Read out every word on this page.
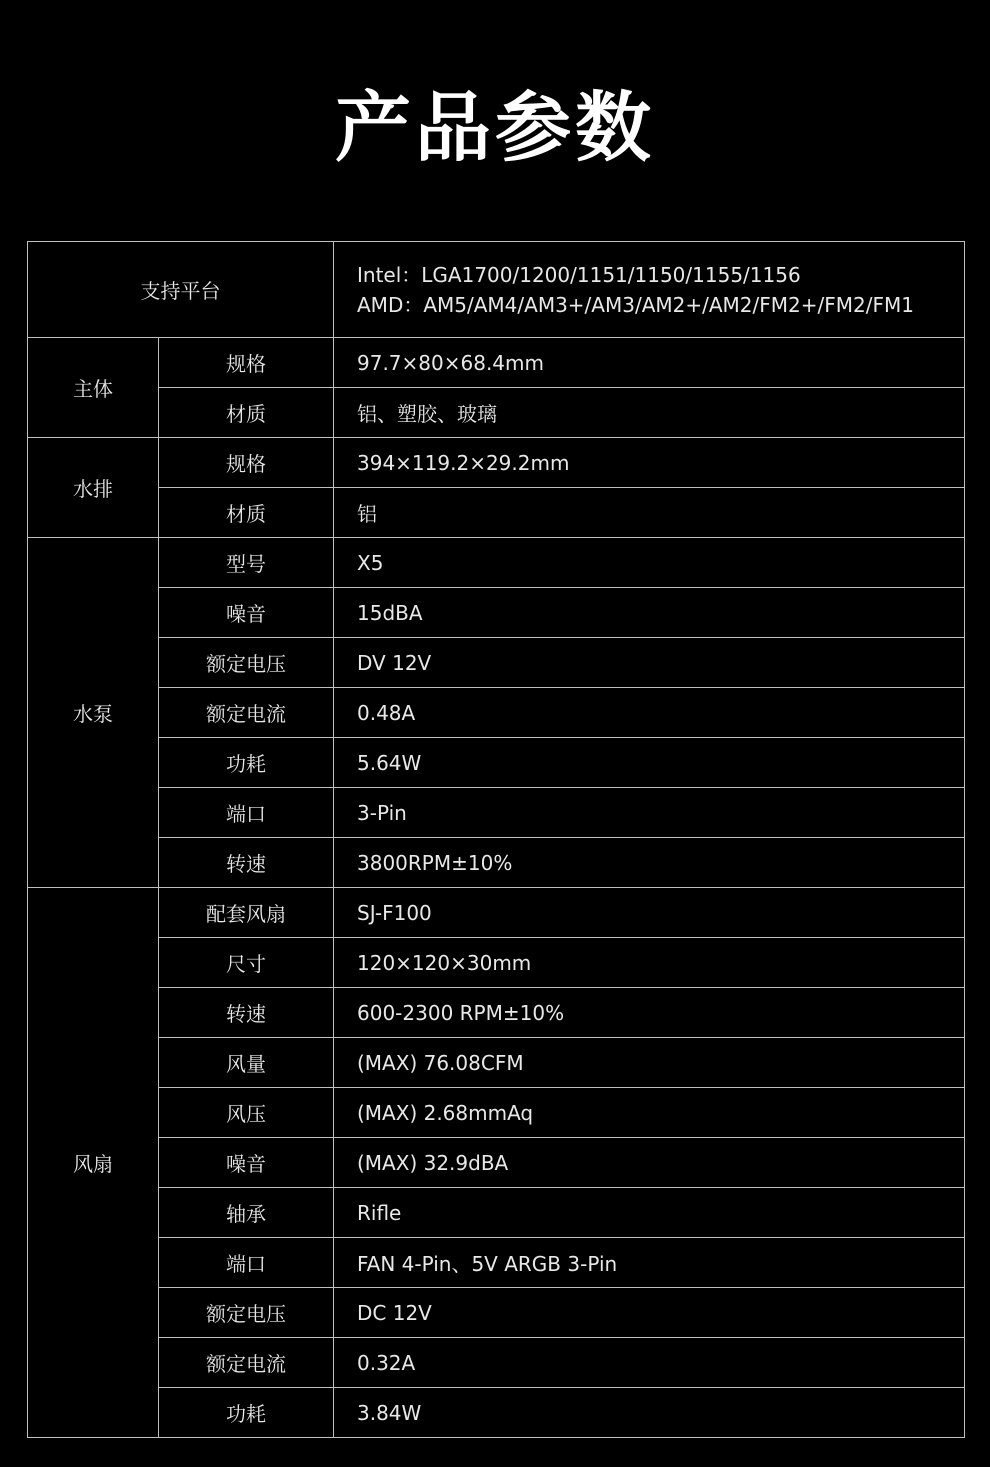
产品参数
支持平台		Intel：LGA1700/1200/1151/1150/1155/1156
AMD：AM5/AM4/AM3+/AM3/AM2+/AM2/FM2+/FM2/FM1

主体	规格	97.7×80×68.4mm
	材质	铝、塑胶、玻璃
水排	规格	394×119.2×29.2mm
	材质	铝
水泵	型号	X5
	噪音	15dBA
	额定电压	DV 12V
	额定电流	0.48A
	功耗	5.64W
	端口	3-Pin
	转速	3800RPM±10%
风扇	配套风扇	SJ-F100
	尺寸	120×120×30mm
	转速	600-2300 RPM±10%
	风量	(MAX) 76.08CFM
	风压	(MAX) 2.68mmAq
	噪音	(MAX) 32.9dBA
	轴承	Rifle
	端口	FAN 4-Pin、5V ARGB 3-Pin
	额定电压	DC 12V
	额定电流	0.32A
	功耗	3.84W
